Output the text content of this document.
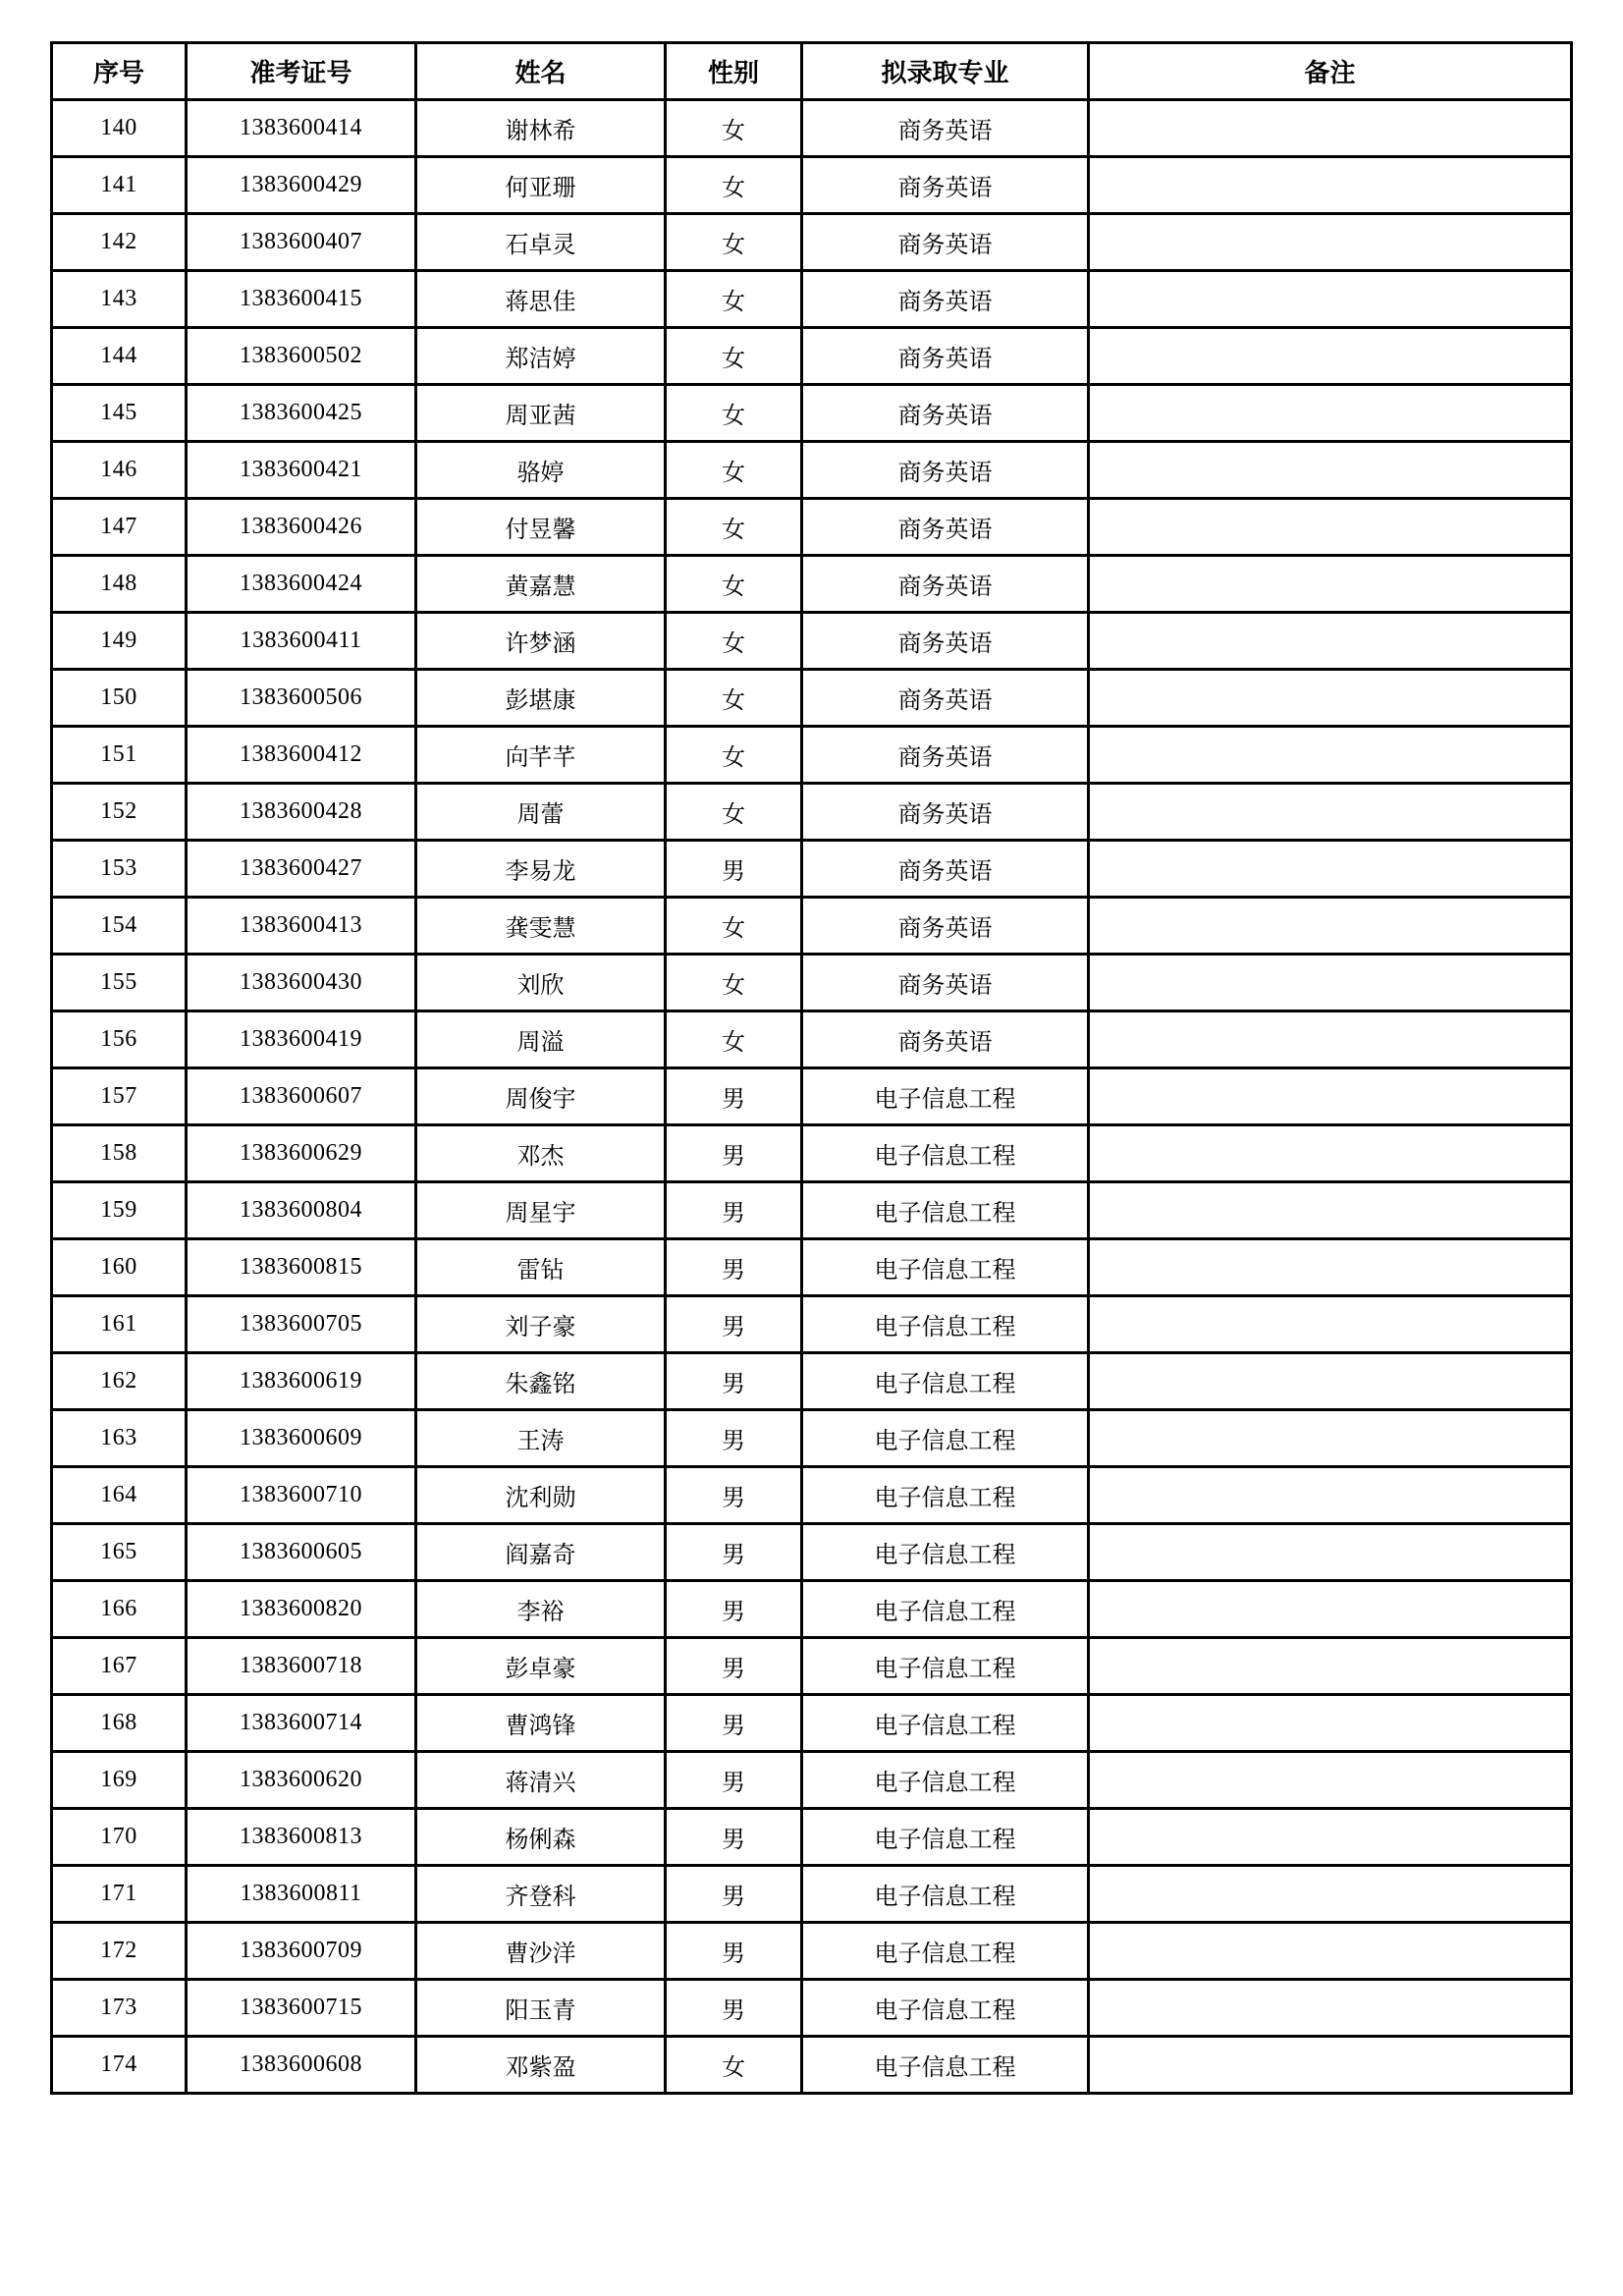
序号	准考证号	姓名	性别	拟录取专业	备注
140	1383600414	谢林希	女	商务英语	
141	1383600429	何亚珊	女	商务英语	
142	1383600407	石卓灵	女	商务英语	
143	1383600415	蒋思佳	女	商务英语	
144	1383600502	郑洁婷	女	商务英语	
145	1383600425	周亚茜	女	商务英语	
146	1383600421	骆婷	女	商务英语	
147	1383600426	付昱馨	女	商务英语	
148	1383600424	黄嘉慧	女	商务英语	
149	1383600411	许梦涵	女	商务英语	
150	1383600506	彭堪康	女	商务英语	
151	1383600412	向芊芊	女	商务英语	
152	1383600428	周蕾	女	商务英语	
153	1383600427	李易龙	男	商务英语	
154	1383600413	龚雯慧	女	商务英语	
155	1383600430	刘欣	女	商务英语	
156	1383600419	周溢	女	商务英语	
157	1383600607	周俊宇	男	电子信息工程	
158	1383600629	邓杰	男	电子信息工程	
159	1383600804	周星宇	男	电子信息工程	
160	1383600815	雷钻	男	电子信息工程	
161	1383600705	刘子豪	男	电子信息工程	
162	1383600619	朱鑫铭	男	电子信息工程	
163	1383600609	王涛	男	电子信息工程	
164	1383600710	沈利勋	男	电子信息工程	
165	1383600605	阎嘉奇	男	电子信息工程	
166	1383600820	李裕	男	电子信息工程	
167	1383600718	彭卓豪	男	电子信息工程	
168	1383600714	曹鸿锋	男	电子信息工程	
169	1383600620	蒋清兴	男	电子信息工程	
170	1383600813	杨俐森	男	电子信息工程	
171	1383600811	齐登科	男	电子信息工程	
172	1383600709	曹沙洋	男	电子信息工程	
173	1383600715	阳玉青	男	电子信息工程	
174	1383600608	邓紫盈	女	电子信息工程	
